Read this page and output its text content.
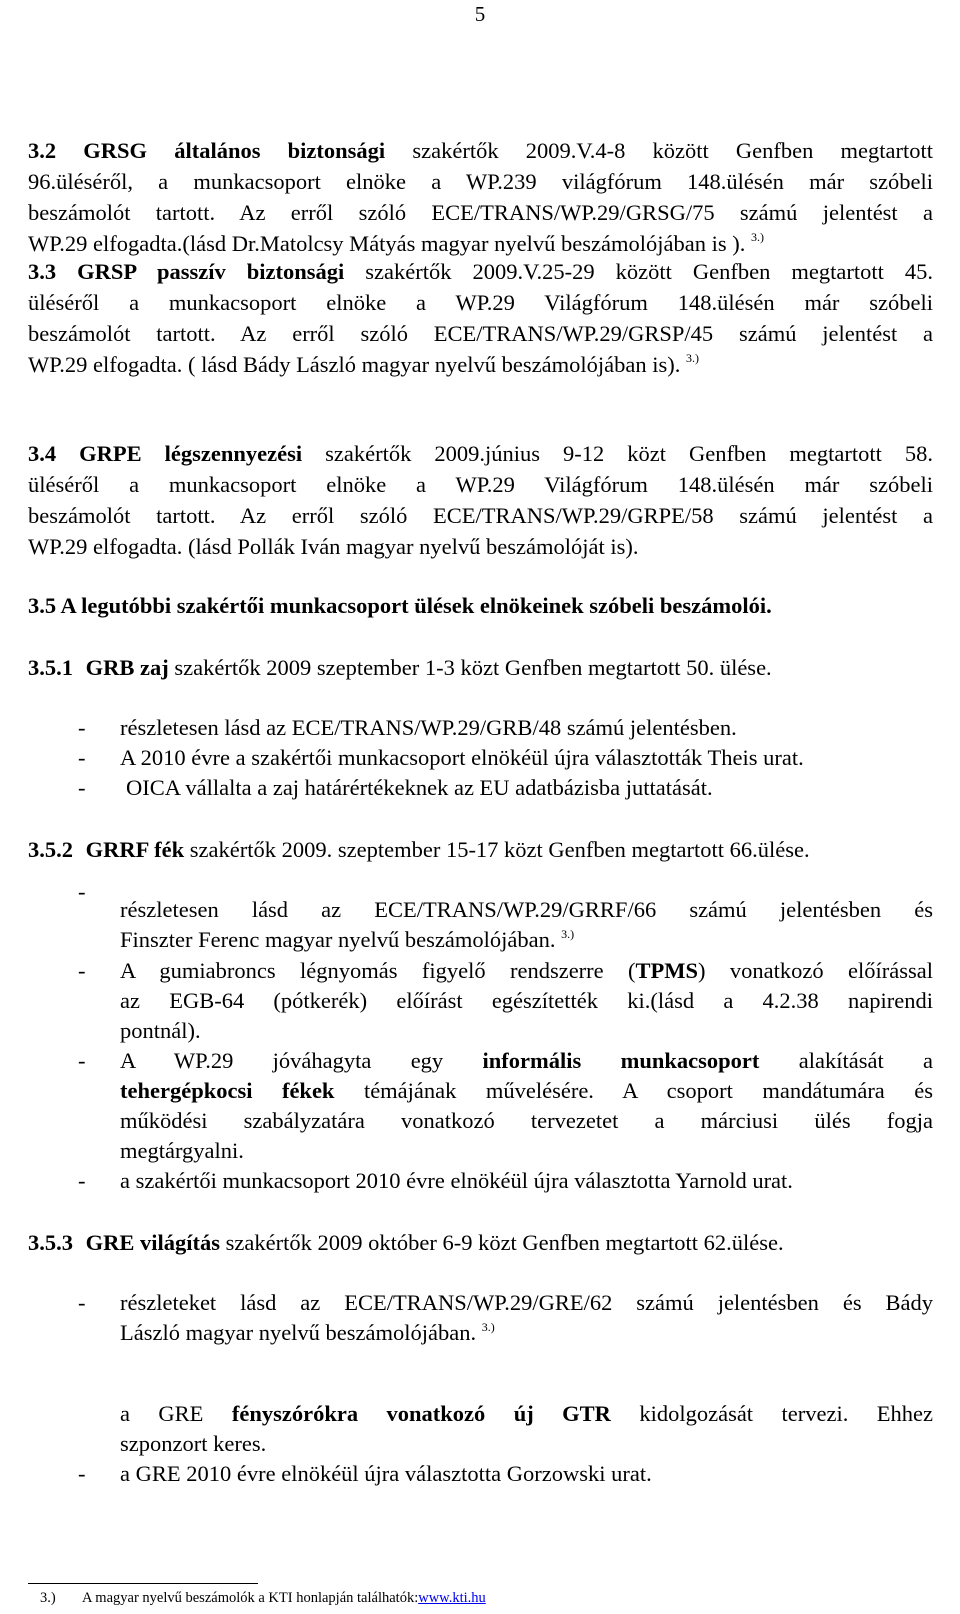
5
3.2 GRSG általános biztonsági szakértők 2009.V.4-8 között Genfben megtartott
96.üléséről, a munkacsoport elnöke a WP.239 világfórum 148.ülésén már szóbeli
beszámolót tartott. Az erről szóló ECE/TRANS/WP.29/GRSG/75 számú jelentést a
WP.29 elfogadta.(lásd Dr.Matolcsy Mátyás magyar nyelvű beszámolójában is ). $^{3.)}$
3.3 GRSP passzív biztonsági szakértők 2009.V.25-29 között Genfben megtartott 45.
üléséről a munkacsoport elnöke a WP.29 Világfórum 148.ülésén már szóbeli
beszámolót tartott. Az erről szóló ECE/TRANS/WP.29/GRSP/45 számú jelentést a
WP.29 elfogadta. ( lásd Bády László magyar nyelvű beszámolójában is). $^{3.)}$
3.4 GRPE légszennyezési szakértők 2009.június 9-12 közt Genfben megtartott 58.
üléséről a munkacsoport elnöke a WP.29 Világfórum 148.ülésén már szóbeli
beszámolót tartott. Az erről szóló ECE/TRANS/WP.29/GRPE/58 számú jelentést a
WP.29 elfogadta. (lásd Pollák Iván magyar nyelvű beszámolóját is).
3.5 A legutóbbi szakértői munkacsoport ülések elnökeinek szóbeli beszámolói.
3.5.1 GRB zaj szakértők 2009 szeptember 1-3 közt Genfben megtartott 50. ülése.
- részletesen lásd az ECE/TRANS/WP.29/GRB/48 számú jelentésben.
- A 2010 évre a szakértői munkacsoport elnökéül újra választották Theis urat.
- OICA vállalta a zaj határértékeknek az EU adatbázisba juttatását.
3.5.2 GRRF fék szakértők 2009. szeptember 15-17 közt Genfben megtartott 66.ülése.
-
részletesen lásd az ECE/TRANS/WP.29/GRRF/66 számú jelentésben és
Finszter Ferenc magyar nyelvű beszámolójában. $^{3.)}$
- A gumiabroncs légnyomás figyelő rendszerre (TPMS) vonatkozó előírással
az EGB-64 (pótkerék) előírást egészítették ki.(lásd a 4.2.38 napirendi
pontnál).
- A WP.29 jóváhagyta egy informális munkacsoport alakítását a
tehergépkocsi fékek témájának művelésére. A csoport mandátumára és
működési szabályzatára vonatkozó tervezetet a márciusi ülés fogja
megtárgyalni.
- a szakértői munkacsoport 2010 évre elnökéül újra választotta Yarnold urat.
3.5.3 GRE világítás szakértők 2009 október 6-9 közt Genfben megtartott 62.ülése.
- részleteket lásd az ECE/TRANS/WP.29/GRE/62 számú jelentésben és Bády
László magyar nyelvű beszámolójában. $^{3.)}$
a GRE fényszórókra vonatkozó új GTR kidolgozását tervezi. Ehhez
szponzort keres.
- a GRE 2010 évre elnökéül újra választotta Gorzowski urat.
3.) A magyar nyelvű beszámolók a KTI honlapján találhatók:www.kti.hu
